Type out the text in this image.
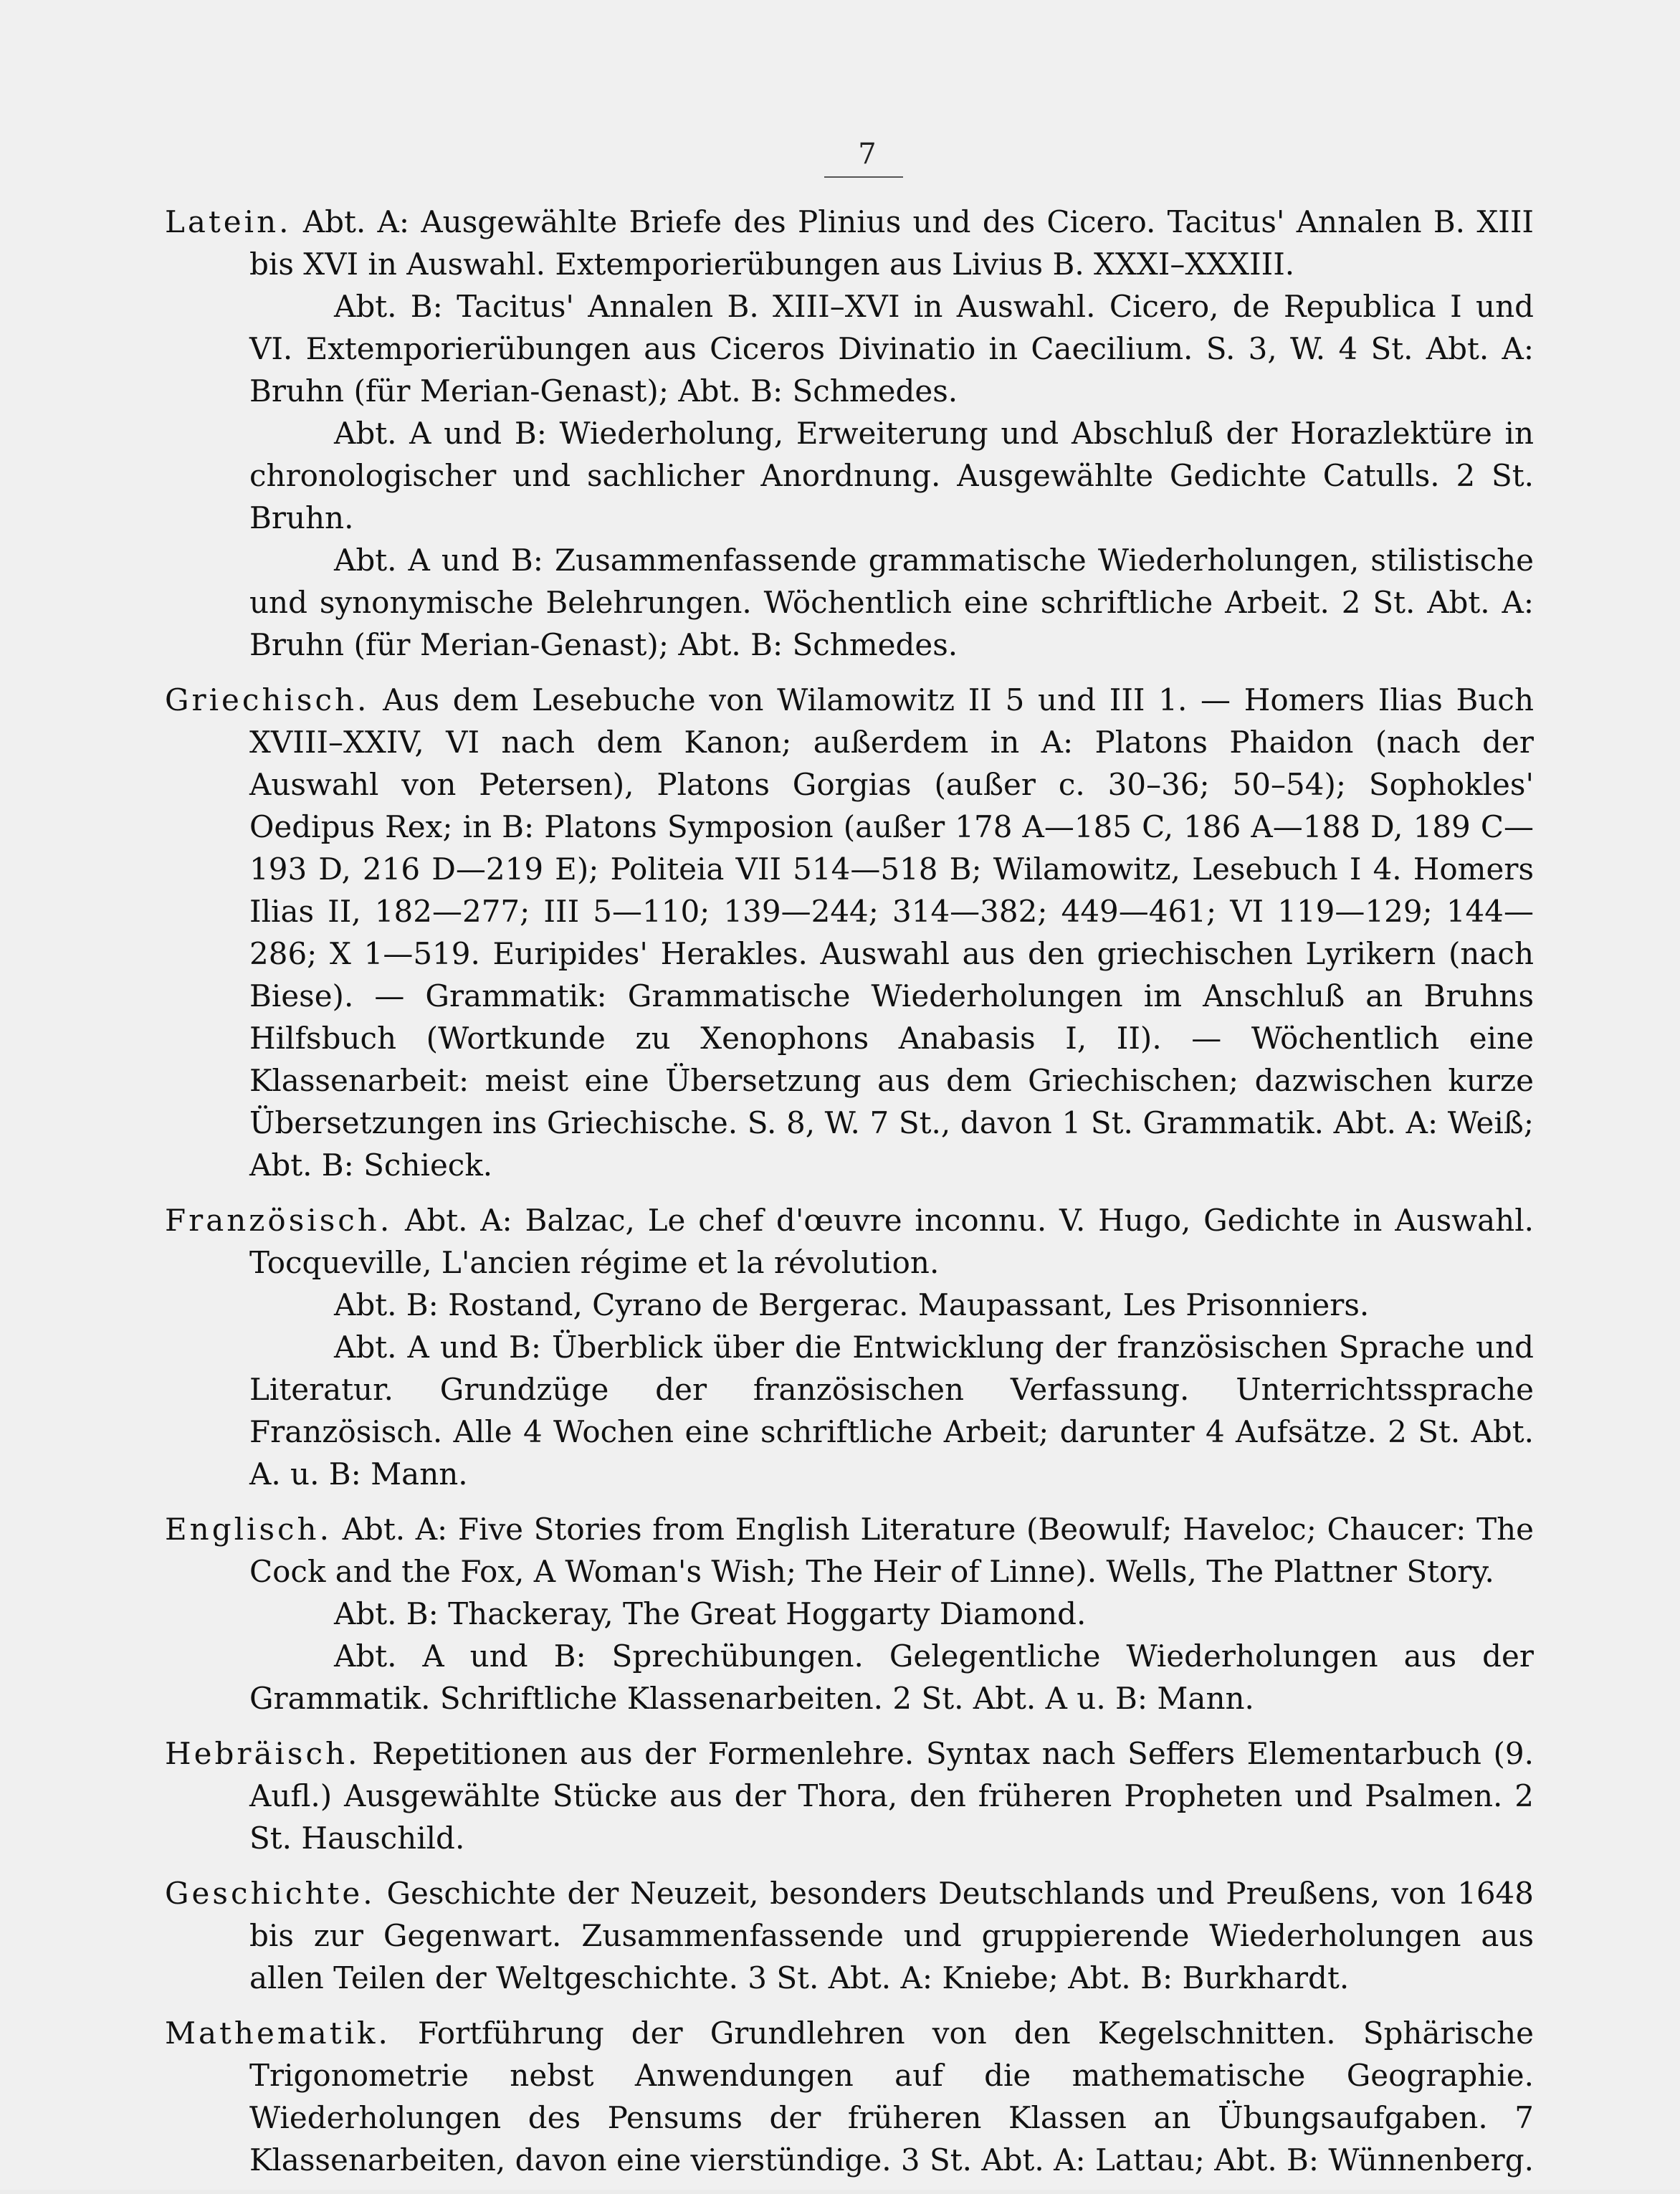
7

Latein. Abt. A: Ausgewählte Briefe des Plinius und des Cicero. Tacitus' Annalen B. XIII bis XVI in Auswahl. Extemporierübungen aus Livius B. XXXI–XXXIII.

Abt. B: Tacitus' Annalen B. XIII–XVI in Auswahl. Cicero, de Republica I und VI. Extemporierübungen aus Ciceros Divinatio in Caecilium. S. 3, W. 4 St. Abt. A: Bruhn (für Merian-Genast); Abt. B: Schmedes.

Abt. A und B: Wiederholung, Erweiterung und Abschluß der Horazlektüre in chronologischer und sachlicher Anordnung. Ausgewählte Gedichte Catulls. 2 St. Bruhn.

Abt. A und B: Zusammenfassende grammatische Wiederholungen, stilistische und synonymische Belehrungen. Wöchentlich eine schriftliche Arbeit. 2 St. Abt. A: Bruhn (für Merian-Genast); Abt. B: Schmedes.

Griechisch. Aus dem Lesebuche von Wilamowitz II 5 und III 1. — Homers Ilias Buch XVIII–XXIV, VI nach dem Kanon; außerdem in A: Platons Phaidon (nach der Auswahl von Petersen), Platons Gorgias (außer c. 30–36; 50–54); Sophokles' Oedipus Rex; in B: Platons Symposion (außer 178 A—185 C, 186 A—188 D, 189 C—193 D, 216 D—219 E); Politeia VII 514—518 B; Wilamowitz, Lesebuch I 4. Homers Ilias II, 182—277; III 5—110; 139—244; 314—382; 449—461; VI 119—129; 144—286; X 1—519. Euripides' Herakles. Auswahl aus den griechischen Lyrikern (nach Biese). — Grammatik: Grammatische Wiederholungen im Anschluß an Bruhns Hilfsbuch (Wortkunde zu Xenophons Anabasis I, II). — Wöchentlich eine Klassenarbeit: meist eine Übersetzung aus dem Griechischen; dazwischen kurze Übersetzungen ins Griechische. S. 8, W. 7 St., davon 1 St. Grammatik. Abt. A: Weiß; Abt. B: Schieck.

Französisch. Abt. A: Balzac, Le chef d'œuvre inconnu. V. Hugo, Gedichte in Auswahl. Tocqueville, L'ancien régime et la révolution.

Abt. B: Rostand, Cyrano de Bergerac. Maupassant, Les Prisonniers.

Abt. A und B: Überblick über die Entwicklung der französischen Sprache und Literatur. Grundzüge der französischen Verfassung. Unterrichtssprache Französisch. Alle 4 Wochen eine schriftliche Arbeit; darunter 4 Aufsätze. 2 St. Abt. A. u. B: Mann.

Englisch. Abt. A: Five Stories from English Literature (Beowulf; Haveloc; Chaucer: The Cock and the Fox, A Woman's Wish; The Heir of Linne). Wells, The Plattner Story.

Abt. B: Thackeray, The Great Hoggarty Diamond.

Abt. A und B: Sprechübungen. Gelegentliche Wiederholungen aus der Grammatik. Schriftliche Klassenarbeiten. 2 St. Abt. A u. B: Mann.

Hebräisch. Repetitionen aus der Formenlehre. Syntax nach Seffers Elementarbuch (9. Aufl.) Ausgewählte Stücke aus der Thora, den früheren Propheten und Psalmen. 2 St. Hauschild.

Geschichte. Geschichte der Neuzeit, besonders Deutschlands und Preußens, von 1648 bis zur Gegenwart. Zusammenfassende und gruppierende Wiederholungen aus allen Teilen der Weltgeschichte. 3 St. Abt. A: Kniebe; Abt. B: Burkhardt.

Mathematik. Fortführung der Grundlehren von den Kegelschnitten. Sphärische Trigonometrie nebst Anwendungen auf die mathematische Geographie. Wiederholungen des Pensums der früheren Klassen an Übungsaufgaben. 7 Klassenarbeiten, davon eine vierstündige. 3 St. Abt. A: Lattau; Abt. B: Wünnenberg.
